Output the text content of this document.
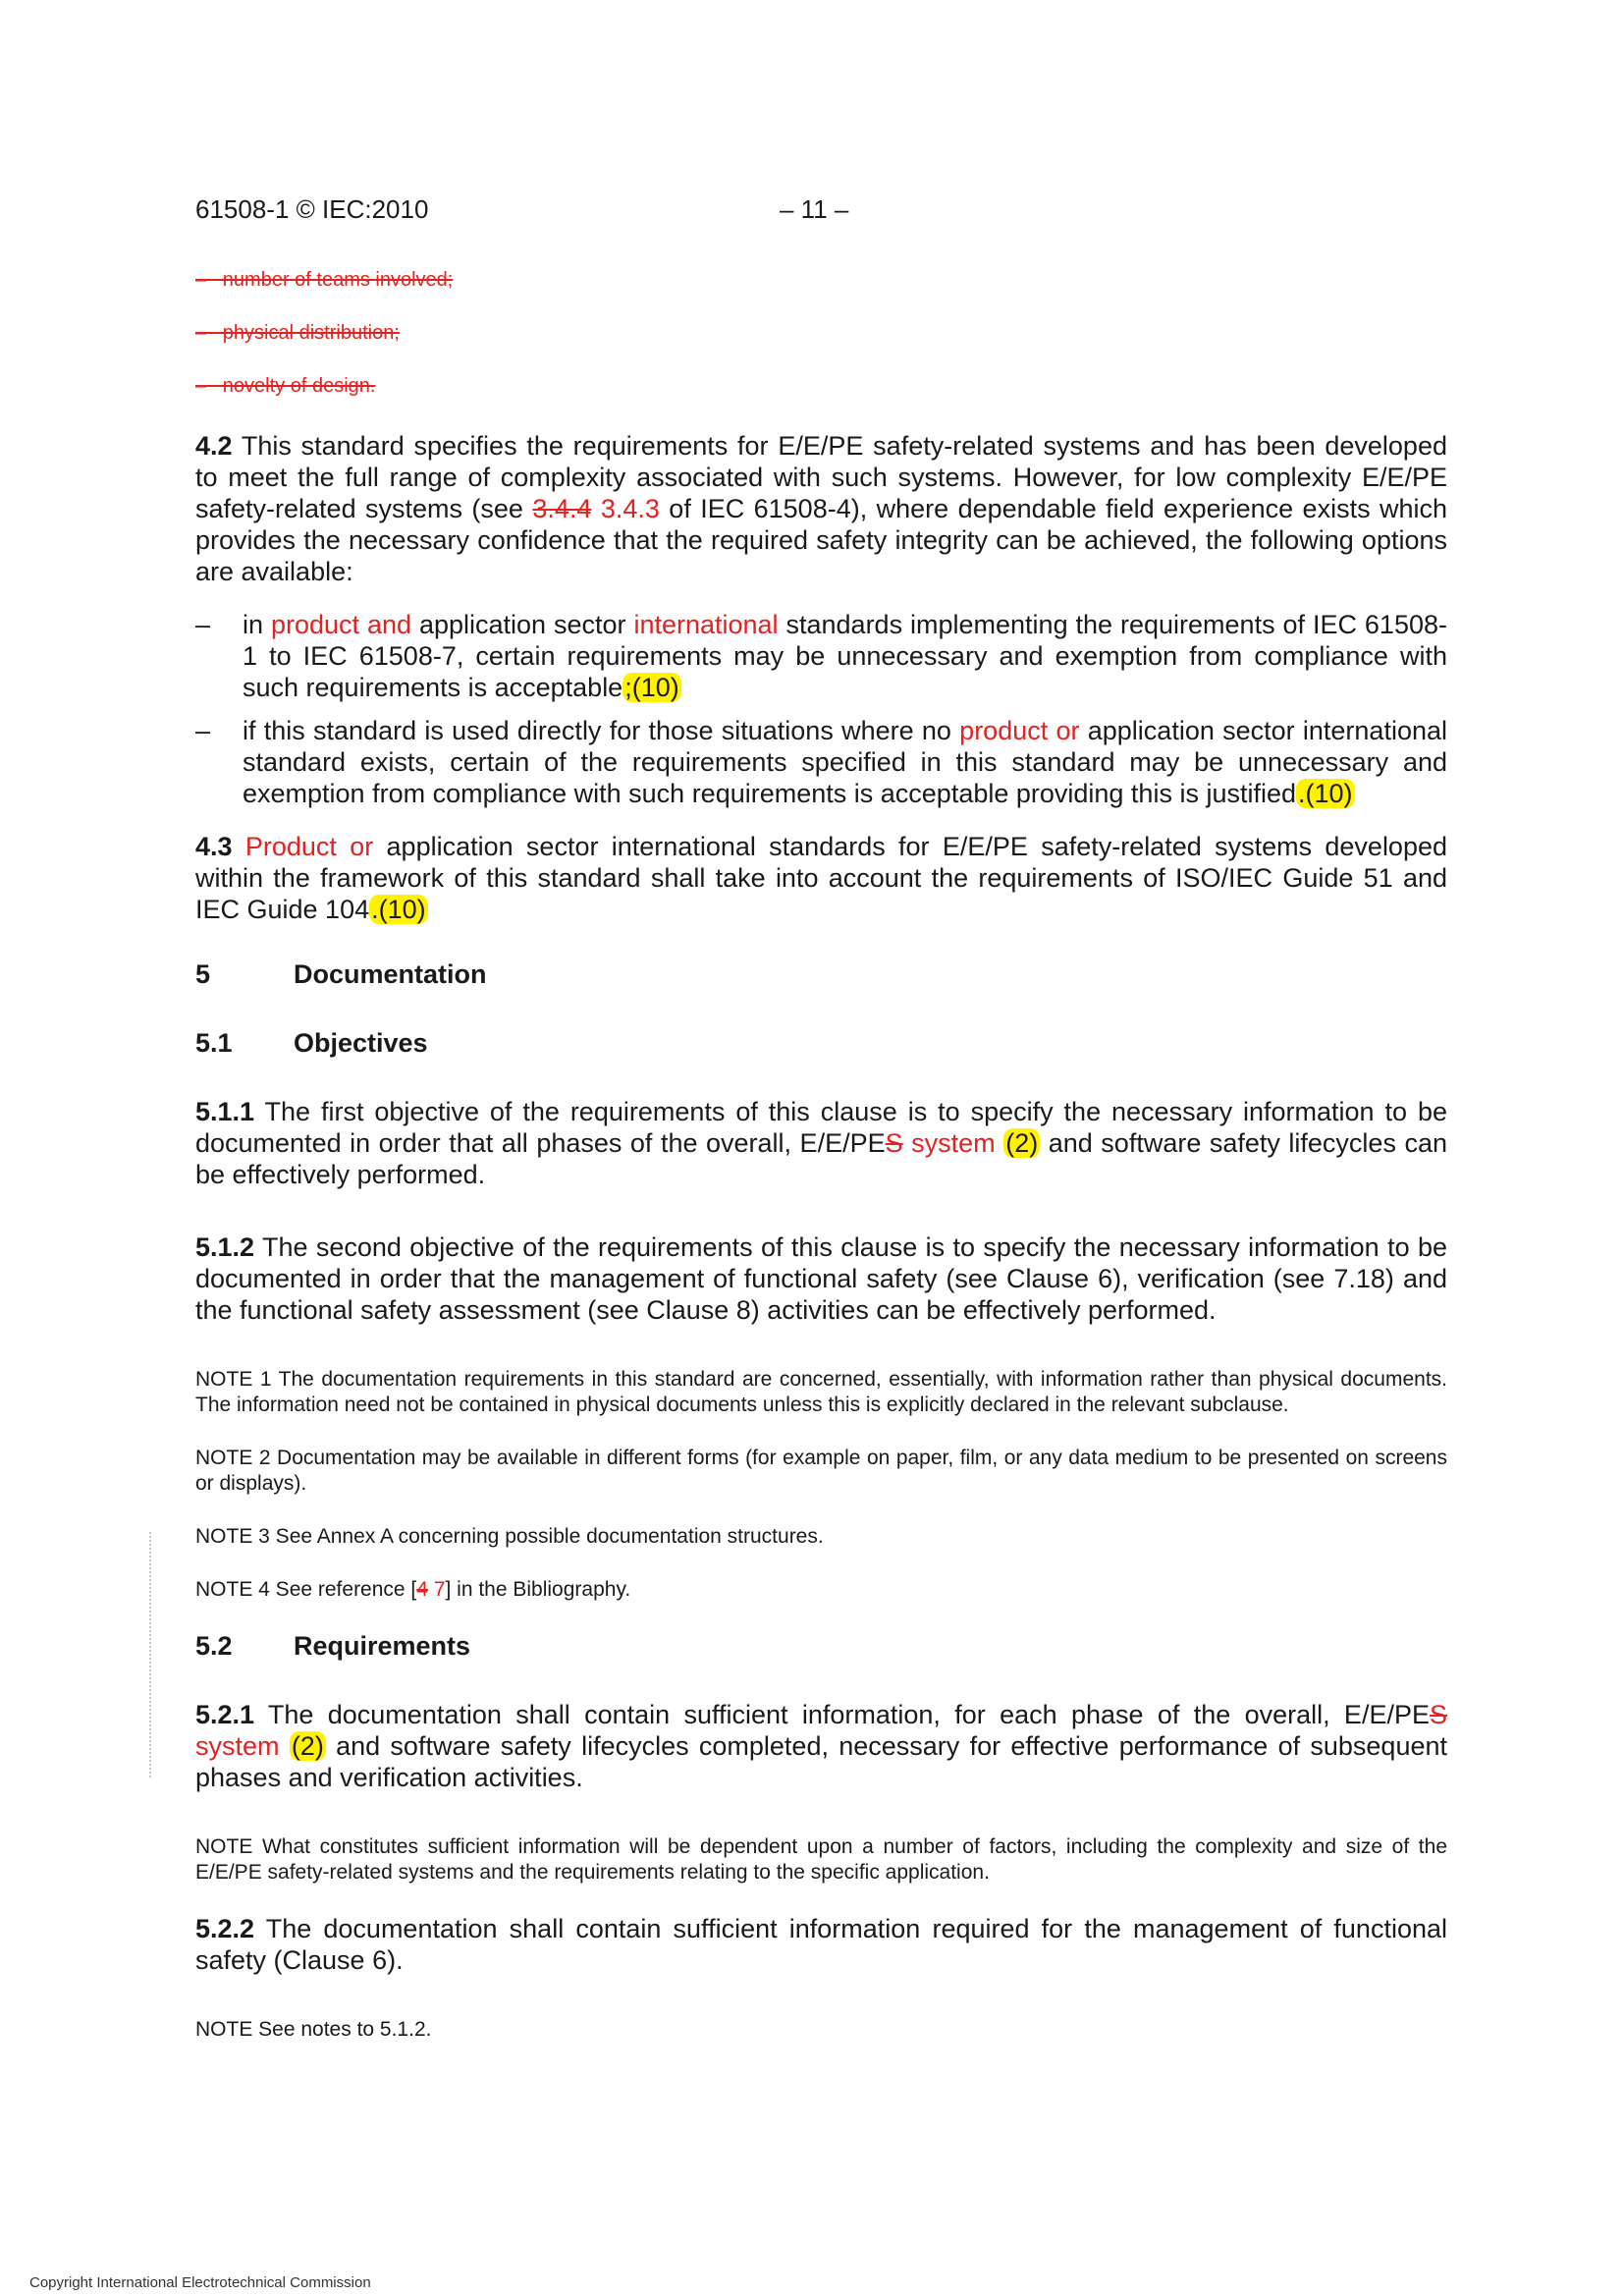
61508-1 © IEC:2010	– 11 –
–   number of teams involved;
–   physical distribution;
–   novelty of design.

4.2 This standard specifies the requirements for E/E/PE safety-related systems and has been developed to meet the full range of complexity associated with such systems. However, for low complexity E/E/PE safety-related systems (see 3.4.4 3.4.3 of IEC 61508-4), where dependable field experience exists which provides the necessary confidence that the required safety integrity can be achieved, the following options are available:

–	in product and application sector international standards implementing the requirements of IEC 61508-1 to IEC 61508-7, certain requirements may be unnecessary and exemption from compliance with such requirements is acceptable;(10)
–	if this standard is used directly for those situations where no product or application sector international standard exists, certain of the requirements specified in this standard may be unnecessary and exemption from compliance with such requirements is acceptable providing this is justified.(10)

4.3 Product or application sector international standards for E/E/PE safety-related systems developed within the framework of this standard shall take into account the requirements of ISO/IEC Guide 51 and IEC Guide 104.(10)

5	Documentation
5.1	Objectives

5.1.1 The first objective of the requirements of this clause is to specify the necessary information to be documented in order that all phases of the overall, E/E/PES system (2) and software safety lifecycles can be effectively performed.

5.1.2 The second objective of the requirements of this clause is to specify the necessary information to be documented in order that the management of functional safety (see Clause 6), verification (see 7.18) and the functional safety assessment (see Clause 8) activities can be effectively performed.

NOTE 1 The documentation requirements in this standard are concerned, essentially, with information rather than physical documents. The information need not be contained in physical documents unless this is explicitly declared in the relevant subclause.

NOTE 2 Documentation may be available in different forms (for example on paper, film, or any data medium to be presented on screens or displays).

NOTE 3 See Annex A concerning possible documentation structures.

NOTE 4 See reference [4 7] in the Bibliography.

5.2	Requirements

5.2.1 The documentation shall contain sufficient information, for each phase of the overall, E/E/PES system (2) and software safety lifecycles completed, necessary for effective performance of subsequent phases and verification activities.

NOTE What constitutes sufficient information will be dependent upon a number of factors, including the complexity and size of the E/E/PE safety-related systems and the requirements relating to the specific application.

5.2.2 The documentation shall contain sufficient information required for the management of functional safety (Clause 6).

NOTE See notes to 5.1.2.

Copyright International Electrotechnical Commission
